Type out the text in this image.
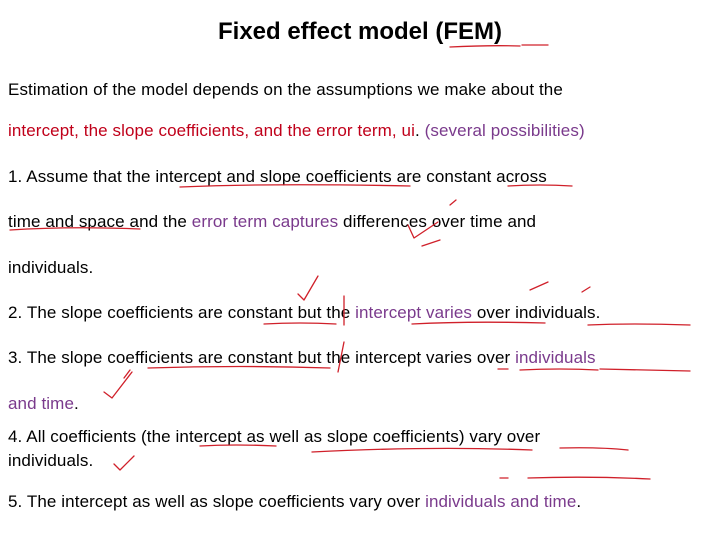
Fixed effect model (FEM)
Estimation of the model depends on the assumptions we make about the
intercept, the slope coefficients, and the error term, ui. (several possibilities)
1. Assume that the intercept and slope coefficients are constant across
time and space and the error term captures differences over time and
individuals.
2. The slope coefficients are constant but the intercept varies over individuals.
3. The slope coefficients are constant but the intercept varies over individuals
and time.
4. All coefficients (the intercept as well as slope coefficients) vary over
individuals.
5. The intercept as well as slope coefficients vary over individuals and time.
